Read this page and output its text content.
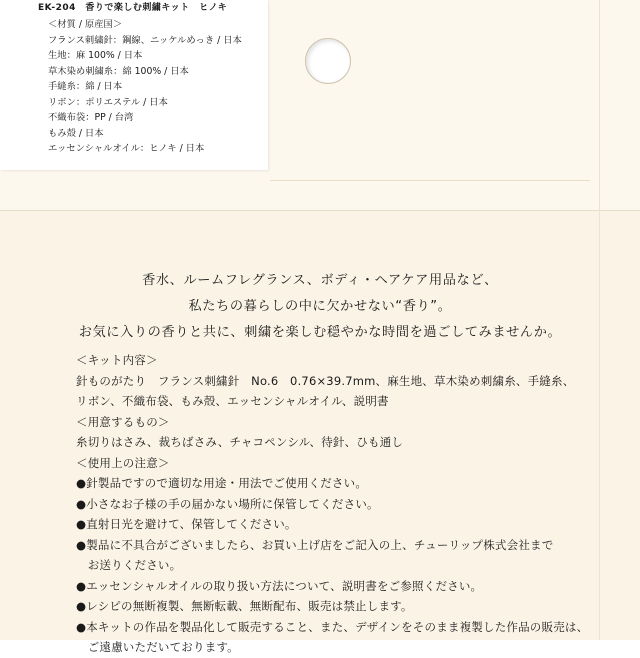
EK-204　香りで楽しむ刺繍キット　ヒノキ
＜材質 / 原産国＞
フランス刺繍針：鋼線、ニッケルめっき / 日本
生地：麻 100% / 日本
草木染め刺繍糸：綿 100% / 日本
手縫糸：綿 / 日本
リボン：ポリエステル / 日本
不織布袋：PP / 台湾
もみ殻 / 日本
エッセンシャルオイル：ヒノキ / 日本
香水、ルームフレグランス、ボディ・ヘアケア用品など、
私たちの暮らしの中に欠かせない“香り”。
お気に入りの香りと共に、刺繍を楽しむ穏やかな時間を過ごしてみませんか。
＜キット内容＞
針ものがたり　フランス刺繍針　No.6　0.76×39.7mm、麻生地、草木染め刺繍糸、手縫糸、
リボン、不織布袋、もみ殻、エッセンシャルオイル、説明書
＜用意するもの＞
糸切りはさみ、裁ちばさみ、チャコペンシル、待針、ひも通し
＜使用上の注意＞
●針製品ですので適切な用途・用法でご使用ください。
●小さなお子様の手の届かない場所に保管してください。
●直射日光を避けて、保管してください。
●製品に不具合がございましたら、お買い上げ店をご記入の上、チューリップ株式会社まで
　お送りください。
●エッセンシャルオイルの取り扱い方法について、説明書をご参照ください。
●レシピの無断複製、無断転載、無断配布、販売は禁止します。
●本キットの作品を製品化して販売すること、また、デザインをそのまま複製した作品の販売は、
　ご遠慮いただいております。
